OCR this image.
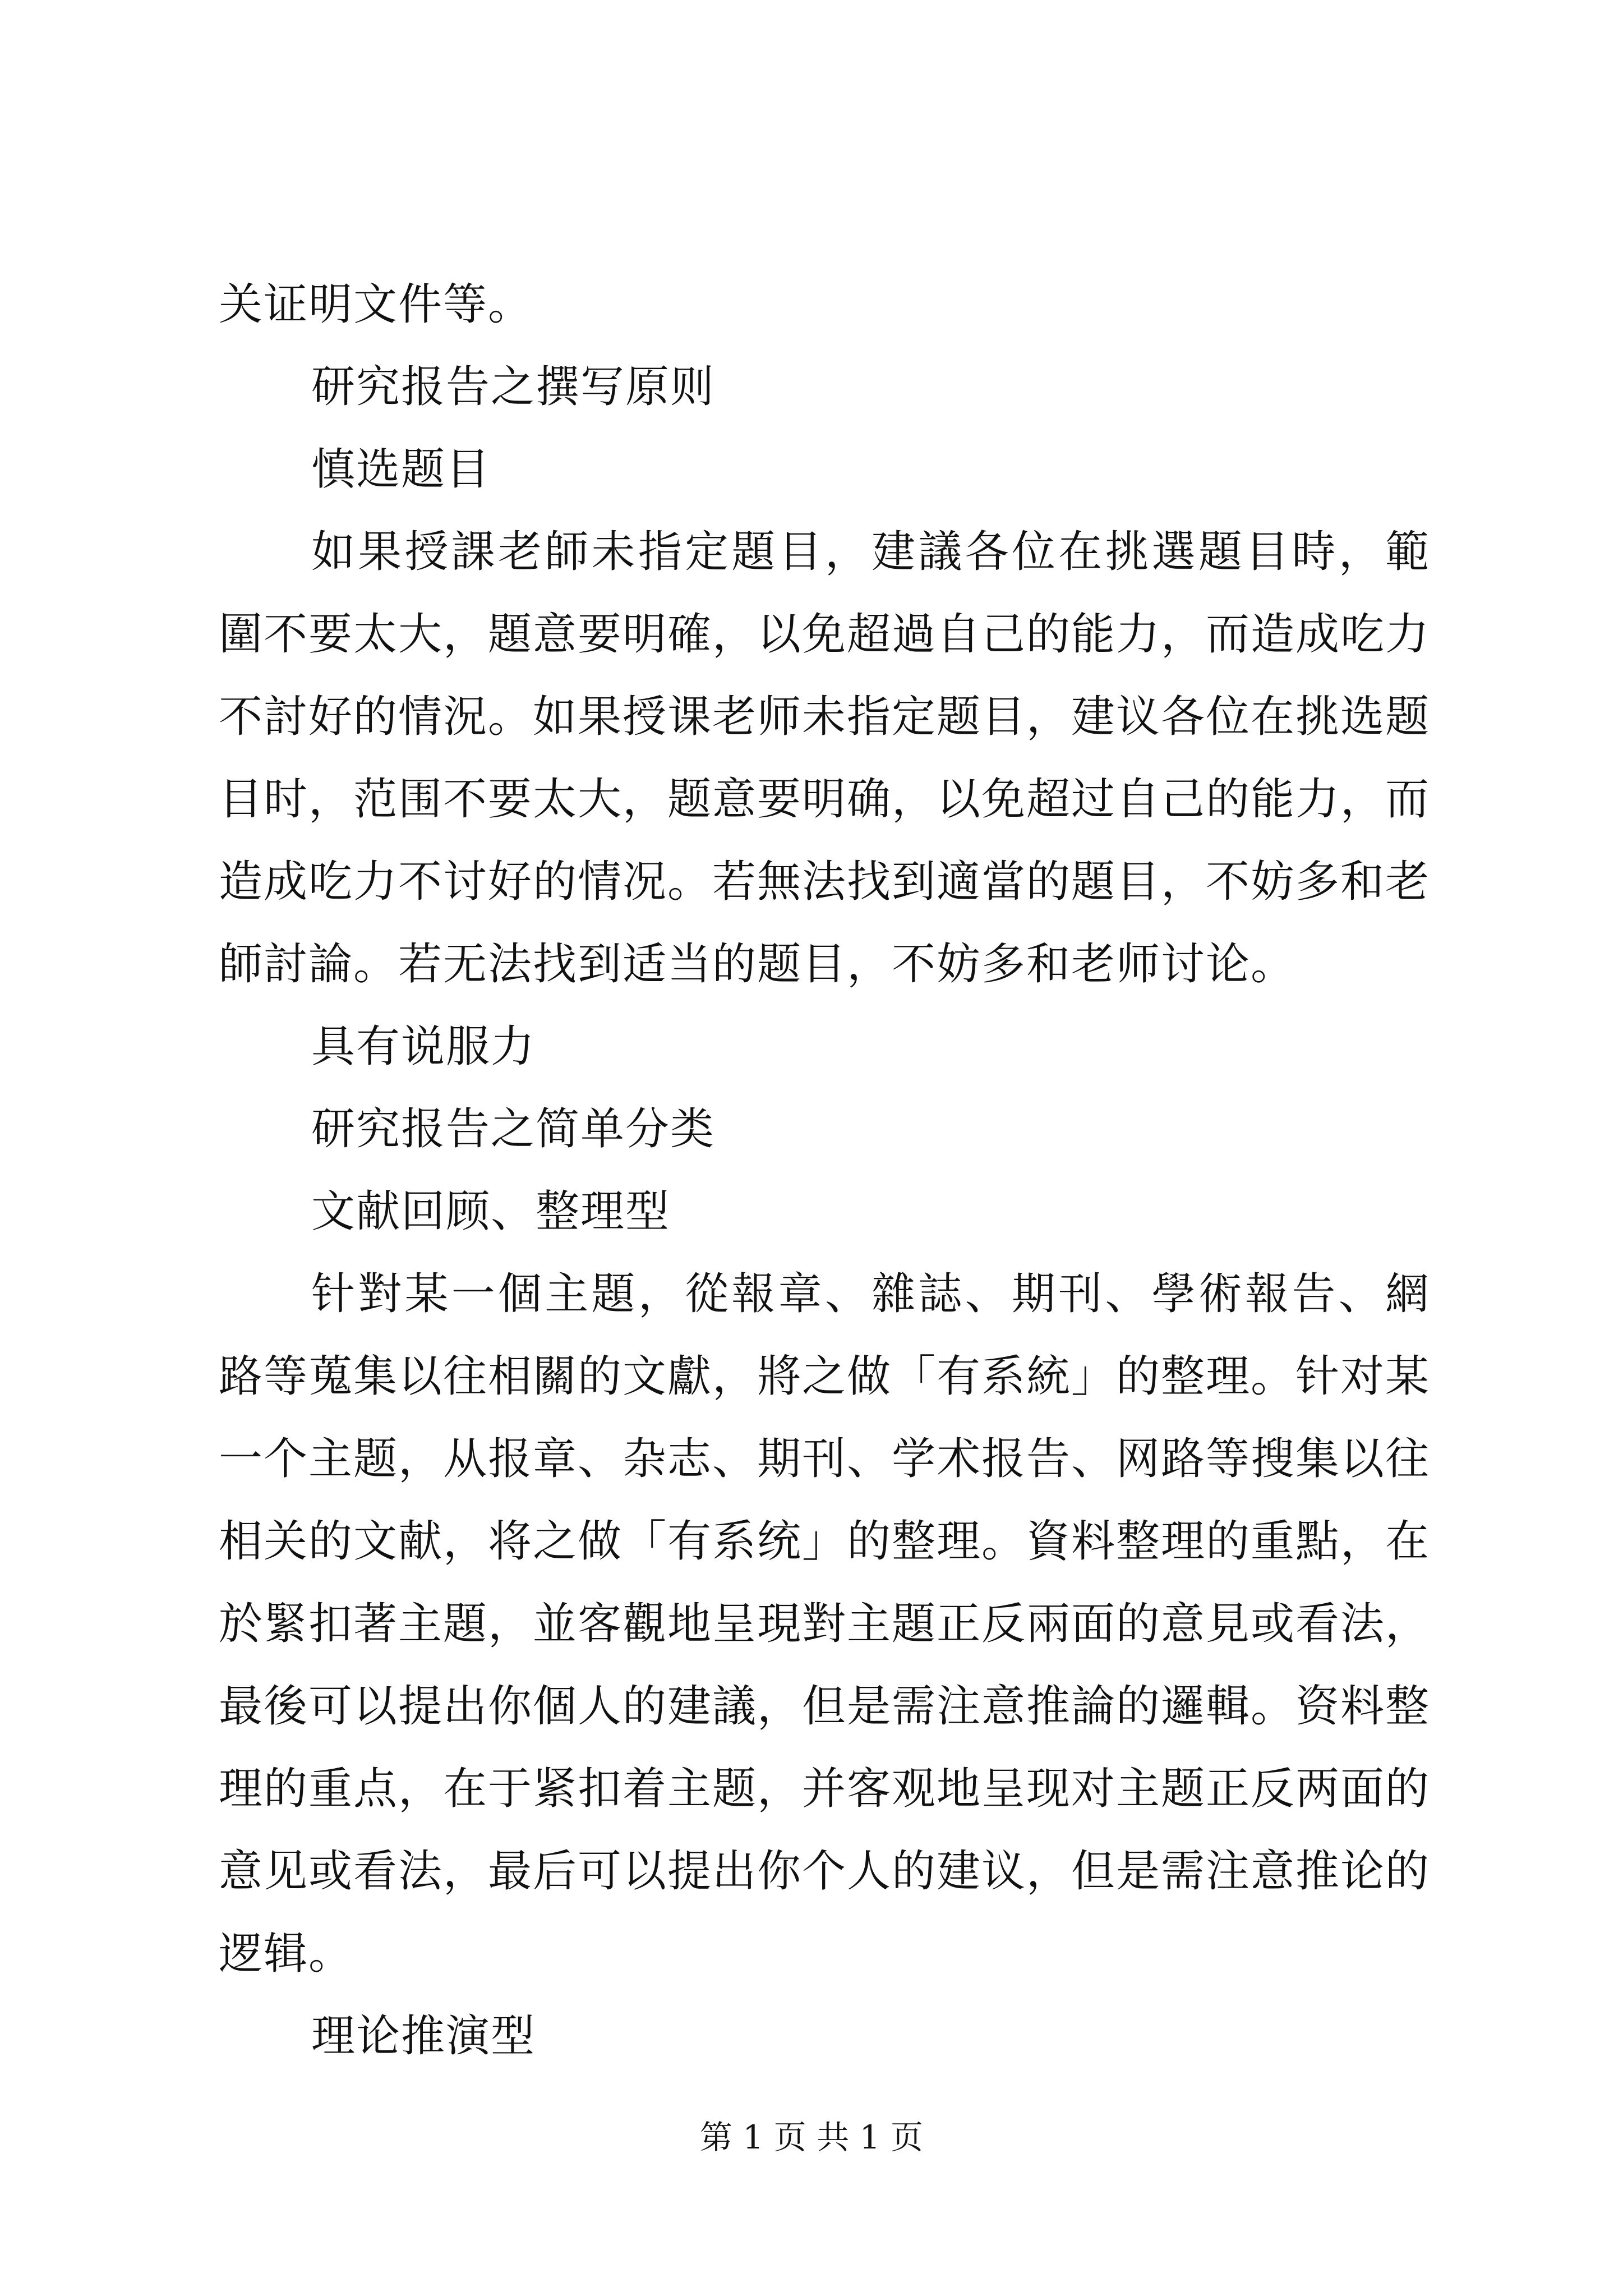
关证明文件等。

研究报告之撰写原则

慎选题目

如果授課老師未指定題目，建議各位在挑選題目時，範圍不要太大，題意要明確，以免超過自己的能力，而造成吃力不討好的情況。如果授课老师未指定题目，建议各位在挑选题目时，范围不要太大，题意要明确，以免超过自己的能力，而造成吃力不讨好的情况。若無法找到適當的題目，不妨多和老師討論。若无法找到适当的题目，不妨多和老师讨论。

具有说服力

研究报告之简单分类

文献回顾、整理型

针對某一個主題，從報章、雜誌、期刊、學術報告、網路等蒐集以往相關的文獻，將之做「有系統」的整理。针对某一个主题，从报章、杂志、期刊、学术报告、网路等搜集以往相关的文献，将之做「有系统」的整理。資料整理的重點，在於緊扣著主題，並客觀地呈現對主題正反兩面的意見或看法，最後可以提出你個人的建議，但是需注意推論的邏輯。资料整理的重点，在于紧扣着主题，并客观地呈现对主题正反两面的意见或看法，最后可以提出你个人的建议，但是需注意推论的逻辑。

理论推演型

第 1 页 共 1 页
